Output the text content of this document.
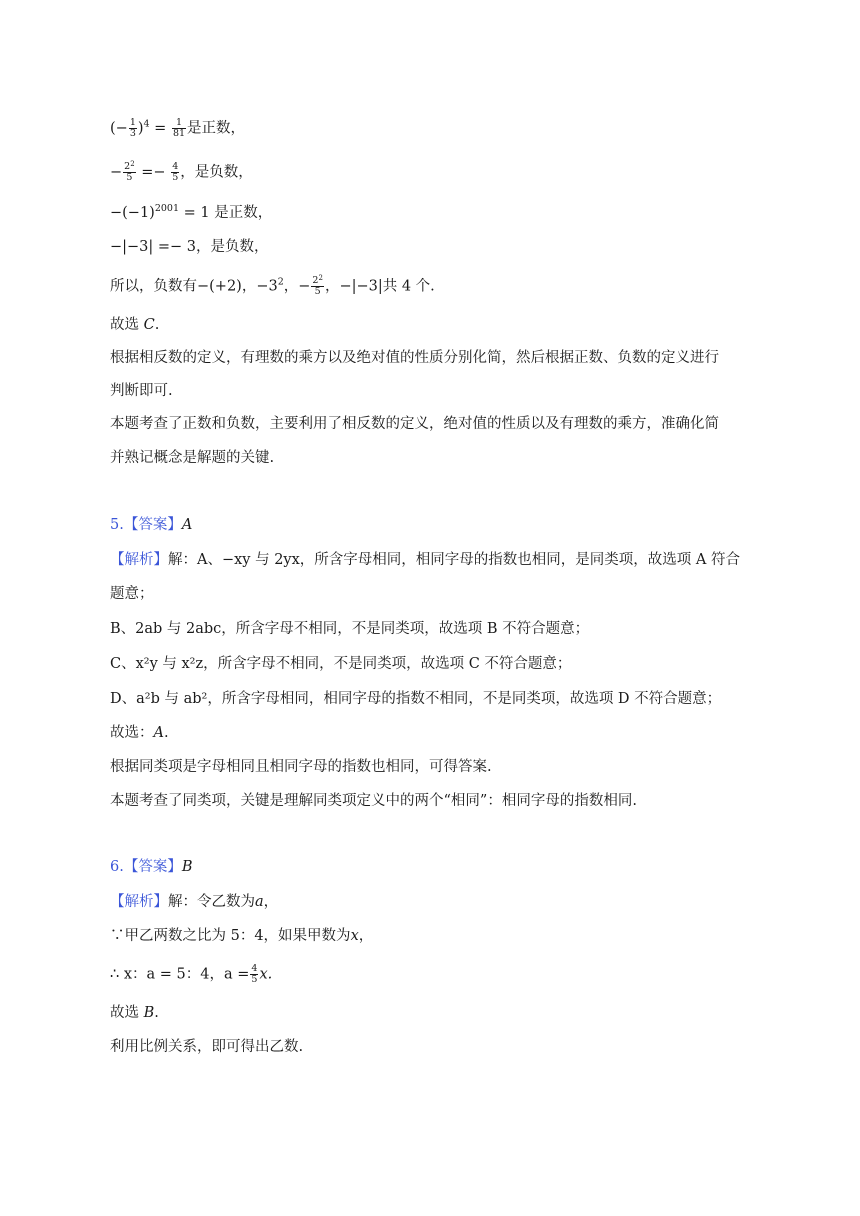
(− $\frac{1}{3} )^4 = \frac{1}{81}$ 是正数，
− $\frac{2^2}{5} =- \frac{4}{5}$ ，是负数，
$-(-1)^{2001} = 1$ 是正数，
−|−3| =− 3，是负数，
所以，负数有−(+2)，$-3^2$，− $\frac{2^2}{5}$ ，−|−3|共 4 个.
故选 C.
根据相反数的定义，有理数的乘方以及绝对值的性质分别化简，然后根据正数、负数的定义进行
判断即可.
本题考查了正数和负数，主要利用了相反数的定义，绝对值的性质以及有理数的乘方，准确化简
并熟记概念是解题的关键.
5.【答案】A
【解析】解：A、−xy 与 2yx，所含字母相同，相同字母的指数也相同，是同类项，故选项 A 符合
题意；
B、2ab 与 2abc，所含字母不相同，不是同类项，故选项 B 不符合题意；
C、x²y 与 x²z，所含字母不相同，不是同类项，故选项 C 不符合题意；
D、a²b 与 ab²，所含字母相同，相同字母的指数不相同，不是同类项，故选项 D 不符合题意；
故选：A.
根据同类项是字母相同且相同字母的指数也相同，可得答案.
本题考查了同类项，关键是理解同类项定义中的两个“相同”：相同字母的指数相同.
6.【答案】B
【解析】解：令乙数为a，
∵甲乙两数之比为 5：4，如果甲数为x，
∴ x：a = 5：4，$a = \frac{4}{5} x$.
故选 B.
利用比例关系，即可得出乙数.
